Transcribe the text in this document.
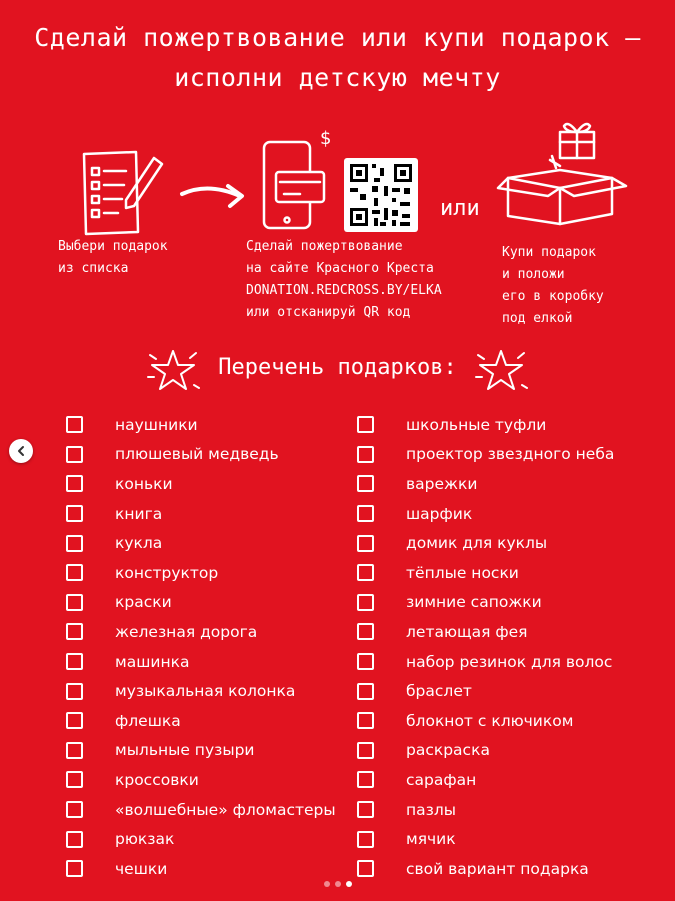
Сделай пожертвование или купи подарок –
исполни детскую мечту
Выбери подарок
из списка
$
Сделай пожертвование
на сайте Красного Креста
DONATION.REDCROSS.BY/ELKA
или отсканируй QR код
или
Купи подарок
и положи
его в коробку
под елкой
Перечень подарков:
наушники
плюшевый медведь
коньки
книга
кукла
конструктор
краски
железная дорога
машинка
музыкальная колонка
флешка
мыльные пузыри
кроссовки
«волшебные» фломастеры
рюкзак
чешки
школьные туфли
проектор звездного неба
варежки
шарфик
домик для куклы
тёплые носки
зимние сапожки
летающая фея
набор резинок для волос
браслет
блокнот с ключиком
раскраска
сарафан
пазлы
мячик
свой вариант подарка
